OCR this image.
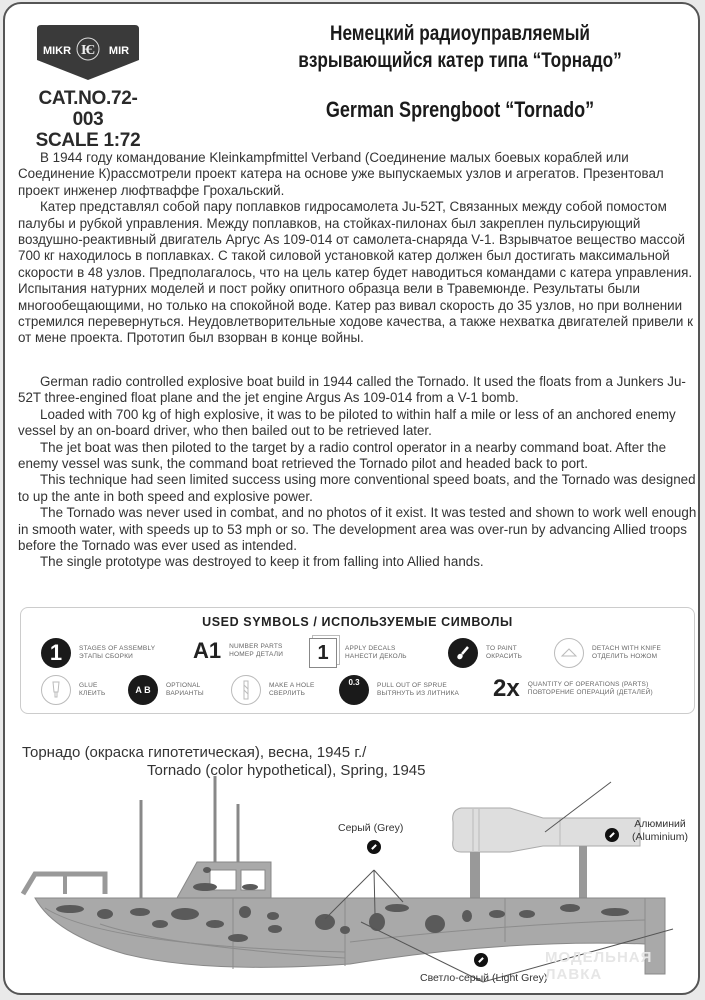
Ѥ
MIKR	MIR
CAT.NO.72-003
SCALE 1:72
Немецкий радиоуправляемый
взрывающийся катер типа “Торнадо”
German Sprengboot “Tornado”

В 1944 году командование Kleinkampfmittel Verband (Соединение малых боевых кораблей или Соединение К)рассмотрели проект катера на основе уже выпускаемых узлов и агрегатов. Презентовал проект инженер люфтваффе Грохальский.

Катер представлял собой пару поплавков гидросамолета Ju-52T, Связанных между собой помостом палубы и рубкой управления. Между поплавков, на стойках-пилонах был закреплен пульсирующий воздушно-реактивный двигатель Аргус As 109-014 от самолета-снаряда V-1. Взрывчатое вещество массой 700 кг находилось в поплавках. С такой силовой установкой катер должен был достигать максимальной скорости в 48 узлов. Предполагалось, что на цель катер будет наводиться командами с катера управления. Испытания натурних моделей и пост ройку опитного образца вели в Травемюнде. Результаты были многообещающими, но только на спокойной воде. Катер раз вивал скорость до 35 узлов, но при волнении стремился перевернуться. Неудовлетворительные ходове качества, а также нехватка двигателей привели к от мене проекта. Прототип был взорван в конце войны.

German radio controlled explosive boat build in 1944 called the Tornado. It used the floats from a Junkers Ju-52T three-engined float plane and the jet engine Argus As 109-014 from a V-1 bomb.

Loaded with 700 kg of high explosive, it was to be piloted to within half a mile or less of an anchored enemy vessel by an on-board driver, who then bailed out to be retrieved later.

The jet boat was then piloted to the target by a radio control operator in a nearby command boat. After the enemy vessel was sunk, the command boat retrieved the Tornado pilot and headed back to port.

This technique had seen limited success using more conventional speed boats, and the Tornado was designed to up the ante in both speed and explosive power.

The Tornado was never used in combat, and no photos of it exist. It was tested and shown to work well enough in smooth water, with speeds up to 53 mph or so. The development area was over-run by advancing Allied troops before the Tornado was ever used as intended.

The single prototype was destroyed to keep it from falling into Allied hands.

USED SYMBOLS / ИСПОЛЬЗУЕМЫЕ СИМВОЛЫ
1	STAGES OF ASSEMBLY
ЭТАПЫ СБОРКИ	A1 NUMBER PARTS
НОМЕР ДЕТАЛИ	1	APPLY DECALS
НАНЕСТИ ДЕКОЛЬ
TO PAINT
ОКРАСИТЬ
DETACH WITH KNIFE
ОТДЕЛИТЬ НОЖОМ
GLUE
КЛЕИТЬ	A B	OPTIONAL
ВАРИАНТЫ
MAKE A HOLE
СВЕРЛИТЬ
0.3	PULL OUT OF SPRUE
ВЫТЯНУТЬ ИЗ ЛИТНИКА 2x QUANTITY OF OPERATIONS (PARTS)
ПОВТОРЕНИЕ ОПЕРАЦИЙ (ДЕТАЛЕЙ)
Торнадо (окраска гипотетическая), весна, 1945 г./
Tornado (color hypothetical), Spring, 1945
Алюминий
(Aluminium)
Серый (Grey)
Светло-серый (Light Grey)
МОДЕЛЬНАЯ
ЛАВКА
